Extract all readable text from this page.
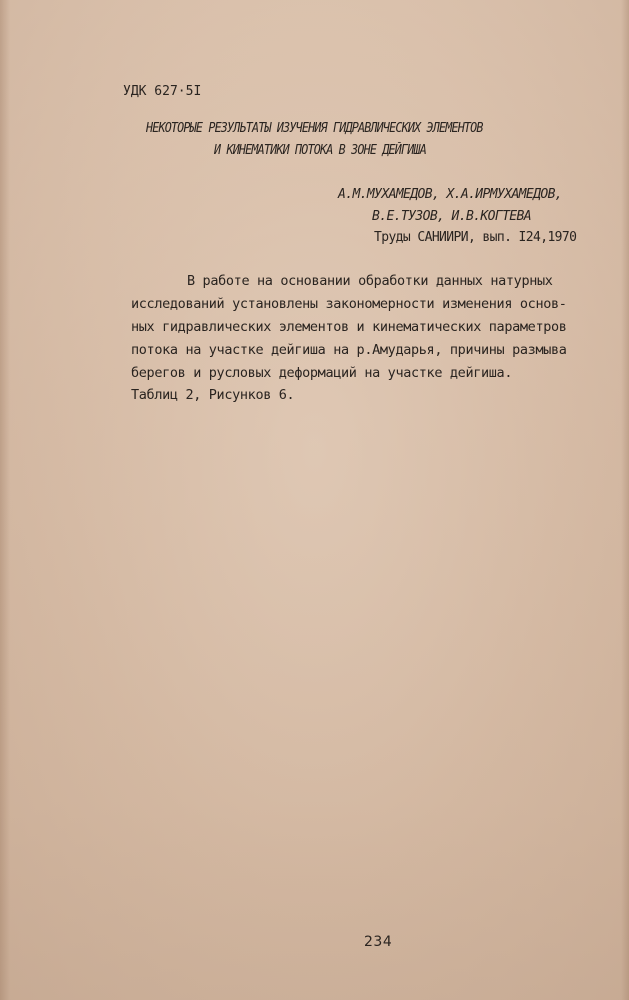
УДК 627·5I
НЕКОТОРЫЕ РЕЗУЛЬТАТЫ ИЗУЧЕНИЯ ГИДРАВЛИЧЕСКИХ ЭЛЕМЕНТОВ
И КИНЕМАТИКИ ПОТОКА В ЗОНЕ ДЕЙГИША
А.М.МУХАМЕДОВ, Х.А.ИРМУХАМЕДОВ,
В.Е.ТУЗОВ, И.В.КОГТЕВА
Труды САНИИРИ, вып. I24,1970
В работе на основании обработки данных натурных
исследований установлены закономерности изменения основ-
ных гидравлических элементов и кинематических параметров
потока на участке дейгиша на р.Амударья, причины размыва
берегов и русловых деформаций на участке дейгиша.
Таблиц 2, Рисунков 6.
234
